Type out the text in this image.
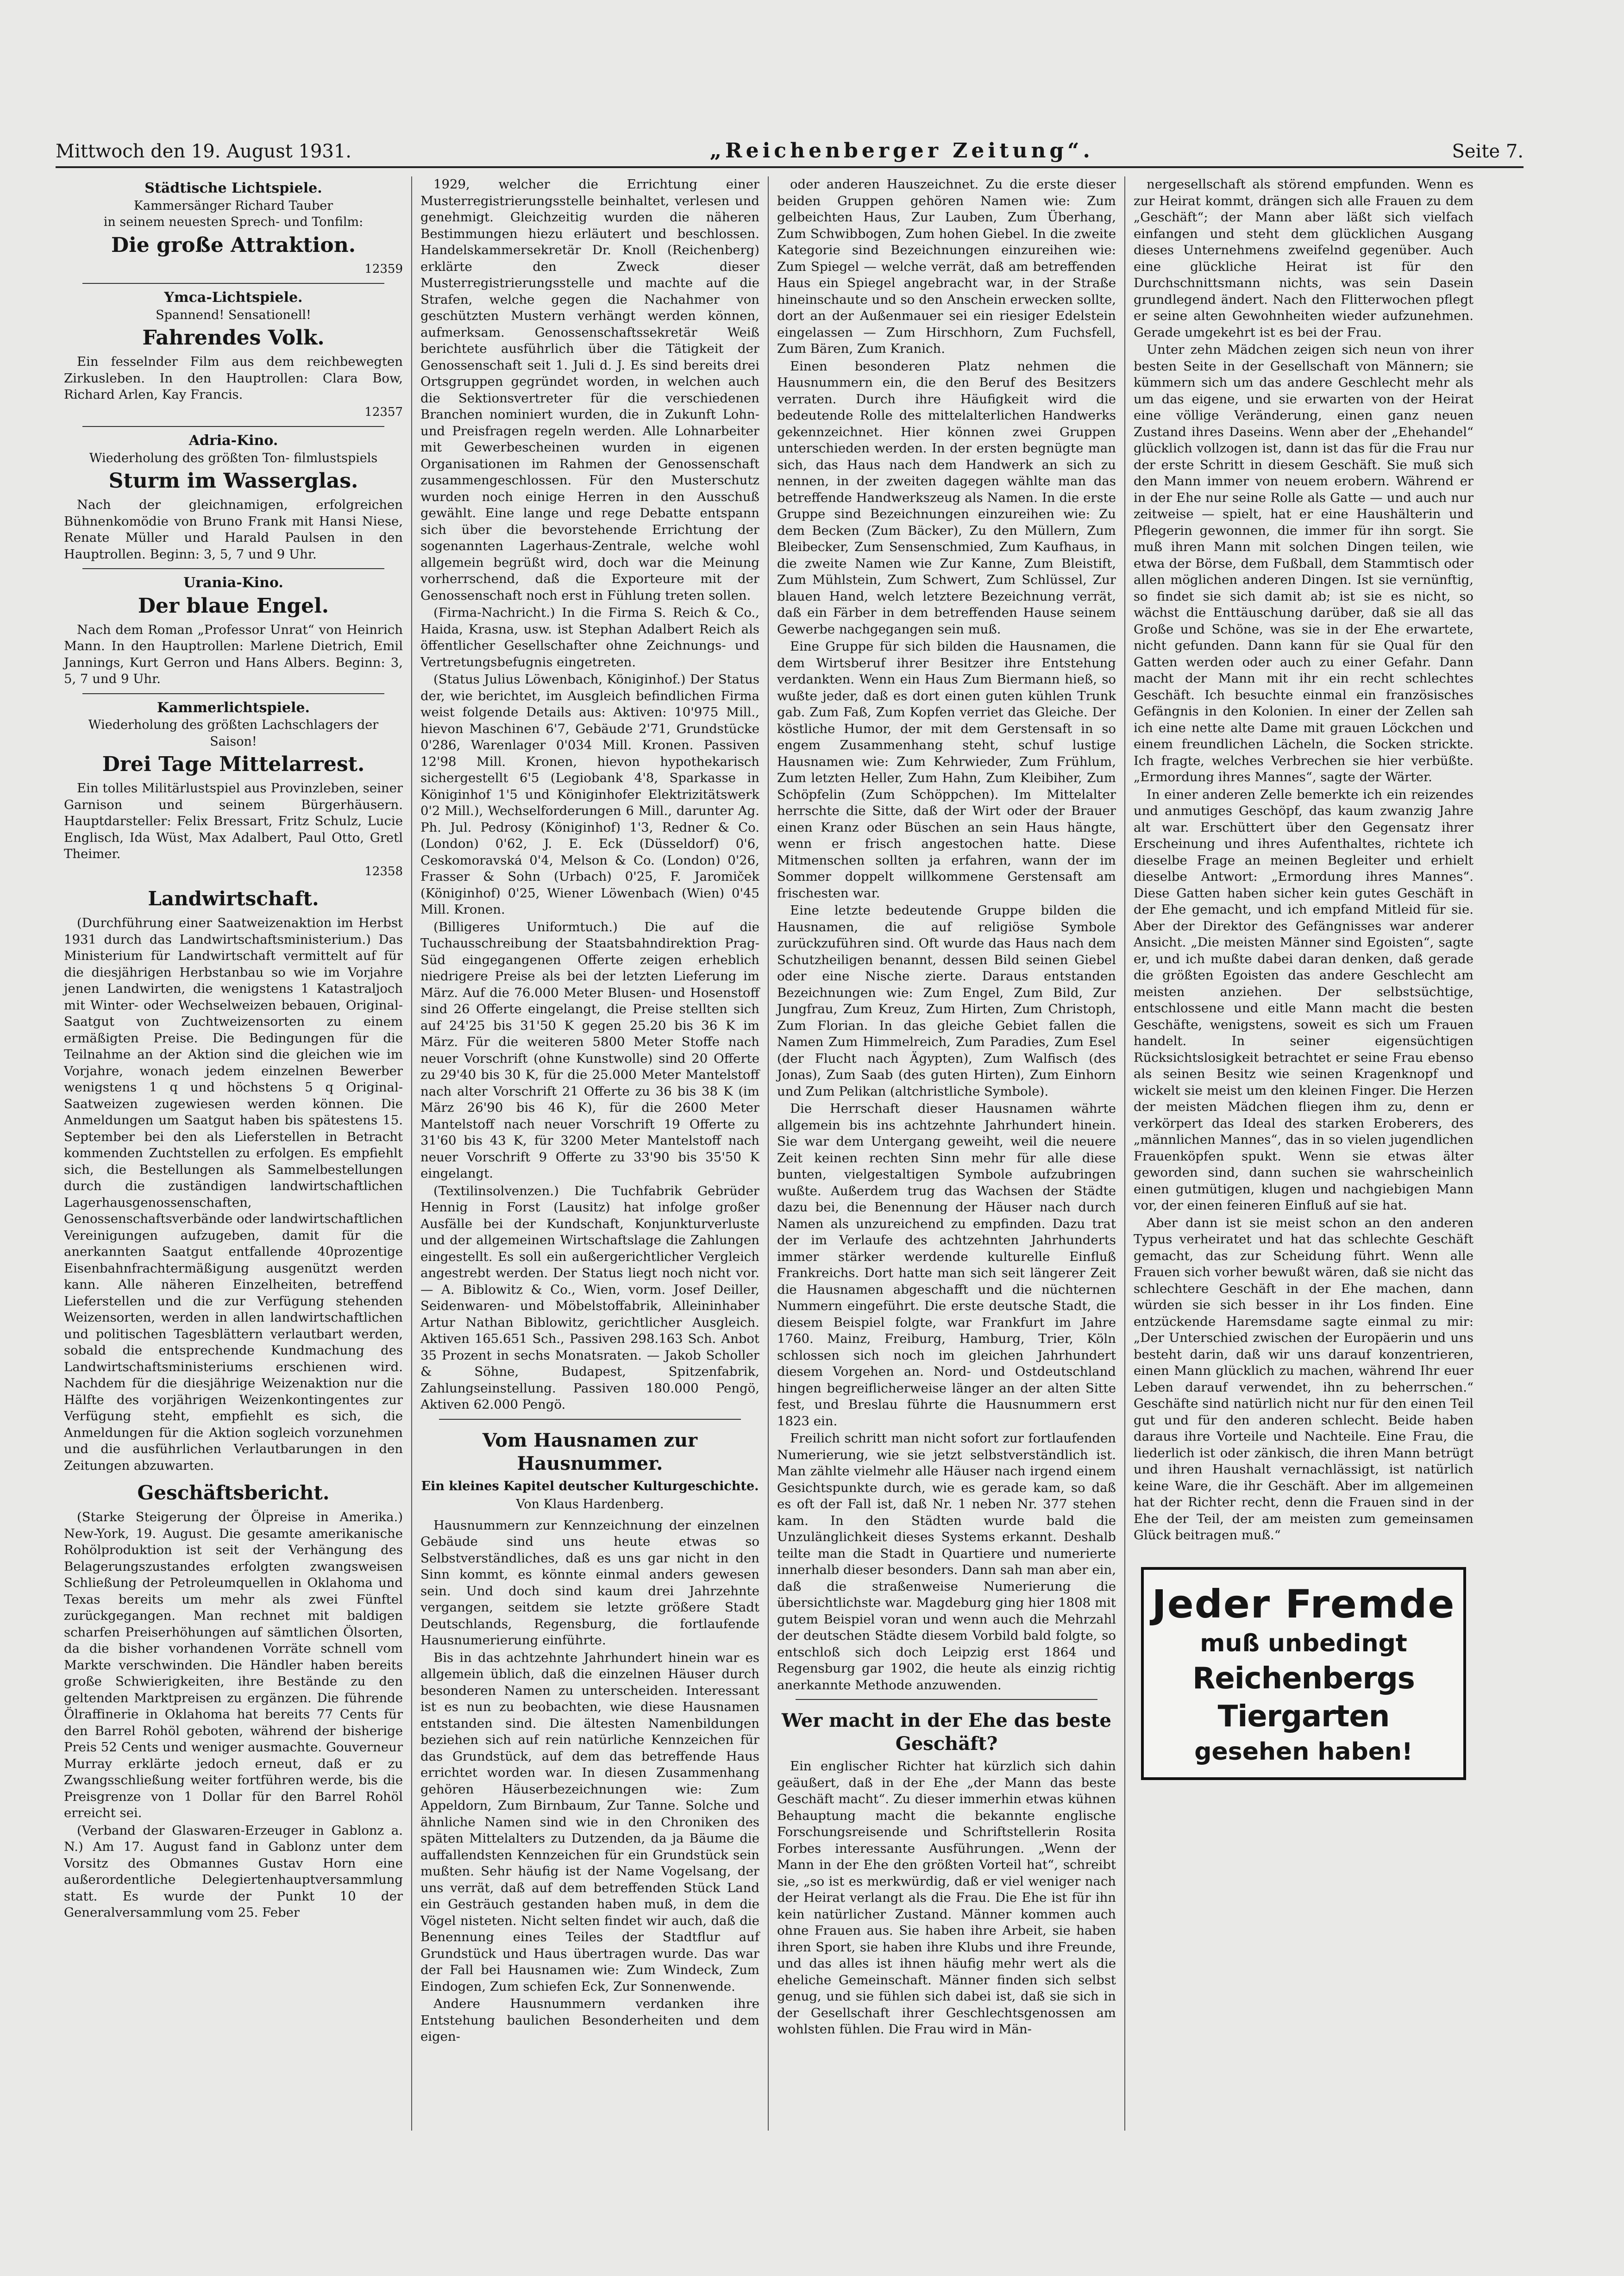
Mittwoch den 19. August 1931.	„Reichenberger Zeitung“.	Seite 7.
Städtische Lichtspiele.
Kammersänger Richard Tauber
in seinem neuesten Sprech- und Tonfilm:
Die große Attraktion.
12359
Ymca-Lichtspiele.
Spannend! Sensationell!
Fahrendes Volk.

Ein fesselnder Film aus dem reichbewegten Zirkusleben. In den Hauptrollen: Clara Bow, Richard Arlen, Kay Francis.

12357
Adria-Kino.
Wiederholung des größten Ton- filmlustspiels
Sturm im Wasserglas.

Nach der gleichnamigen, erfolgreichen Bühnenkomödie von Bruno Frank mit Hansi Niese, Renate Müller und Harald Paulsen in den Hauptrollen. Beginn: 3, 5, 7 und 9 Uhr.

Urania-Kino.
Der blaue Engel.

Nach dem Roman „Professor Unrat“ von Heinrich Mann. In den Hauptrollen: Marlene Dietrich, Emil Jannings, Kurt Gerron und Hans Albers. Beginn: 3, 5, 7 und 9 Uhr.

Kammerlichtspiele.
Wiederholung des größten Lachschlagers der Saison!
Drei Tage Mittelarrest.

Ein tolles Militärlustspiel aus Provinzleben, seiner Garnison und seinem Bürgerhäusern. Hauptdarsteller: Felix Bressart, Fritz Schulz, Lucie Englisch, Ida Wüst, Max Adalbert, Paul Otto, Gretl Theimer.

12358
Landwirtschaft.

(Durchführung einer Saatweizenaktion im Herbst 1931 durch das Landwirtschaftsministerium.) Das Ministerium für Landwirtschaft vermittelt auf für die diesjährigen Herbstanbau so wie im Vorjahre jenen Landwirten, die wenigstens 1 Katastraljoch mit Winter- oder Wechselweizen bebauen, Original-Saatgut von Zuchtweizensorten zu einem ermäßigten Preise. Die Bedingungen für die Teilnahme an der Aktion sind die gleichen wie im Vorjahre, wonach jedem einzelnen Bewerber wenigstens 1 q und höchstens 5 q Original-Saatweizen zugewiesen werden können. Die Anmeldungen um Saatgut haben bis spätestens 15. September bei den als Lieferstellen in Betracht kommenden Zuchtstellen zu erfolgen. Es empfiehlt sich, die Bestellungen als Sammelbestellungen durch die zuständigen landwirtschaftlichen Lagerhausgenossenschaften, Genossenschaftsverbände oder landwirtschaftlichen Vereinigungen aufzugeben, damit für die anerkannten Saatgut entfallende 40prozentige Eisenbahnfrachtermäßigung ausgenützt werden kann. Alle näheren Einzelheiten, betreffend Lieferstellen und die zur Verfügung stehenden Weizensorten, werden in allen landwirtschaftlichen und politischen Tagesblättern verlautbart werden, sobald die entsprechende Kundmachung des Landwirtschaftsministeriums erschienen wird. Nachdem für die diesjährige Weizenaktion nur die Hälfte des vorjährigen Weizenkontingentes zur Verfügung steht, empfiehlt es sich, die Anmeldungen für die Aktion sogleich vorzunehmen und die ausführlichen Verlautbarungen in den Zeitungen abzuwarten.

Geschäftsbericht.

(Starke Steigerung der Ölpreise in Amerika.) New-York, 19. August. Die gesamte amerikanische Rohölproduktion ist seit der Verhängung des Belagerungszustandes erfolgten zwangsweisen Schließung der Petroleumquellen in Oklahoma und Texas bereits um mehr als zwei Fünftel zurückgegangen. Man rechnet mit baldigen scharfen Preiserhöhungen auf sämtlichen Ölsorten, da die bisher vorhandenen Vorräte schnell vom Markte verschwinden. Die Händler haben bereits große Schwierigkeiten, ihre Bestände zu den geltenden Marktpreisen zu ergänzen. Die führende Ölraffinerie in Oklahoma hat bereits 77 Cents für den Barrel Rohöl geboten, während der bisherige Preis 52 Cents und weniger ausmachte. Gouverneur Murray erklärte jedoch erneut, daß er zu Zwangsschließung weiter fortführen werde, bis die Preisgrenze von 1 Dollar für den Barrel Rohöl erreicht sei.

(Verband der Glaswaren-Erzeuger in Gablonz a. N.) Am 17. August fand in Gablonz unter dem Vorsitz des Obmannes Gustav Horn eine außerordentliche Delegiertenhauptversammlung statt. Es wurde der Punkt 10 der Generalversammlung vom 25. Feber

1929, welcher die Errichtung einer Musterregistrierungsstelle beinhaltet, verlesen und genehmigt. Gleichzeitig wurden die näheren Bestimmungen hiezu erläutert und beschlossen. Handelskammersekretär Dr. Knoll (Reichenberg) erklärte den Zweck dieser Musterregistrierungsstelle und machte auf die Strafen, welche gegen die Nachahmer von geschützten Mustern verhängt werden können, aufmerksam. Genossenschaftssekretär Weiß berichtete ausführlich über die Tätigkeit der Genossenschaft seit 1. Juli d. J. Es sind bereits drei Ortsgruppen gegründet worden, in welchen auch die Sektionsvertreter für die verschiedenen Branchen nominiert wurden, die in Zukunft Lohn- und Preisfragen regeln werden. Alle Lohnarbeiter mit Gewerbescheinen wurden in eigenen Organisationen im Rahmen der Genossenschaft zusammengeschlossen. Für den Musterschutz wurden noch einige Herren in den Ausschuß gewählt. Eine lange und rege Debatte entspann sich über die bevorstehende Errichtung der sogenannten Lagerhaus-Zentrale, welche wohl allgemein begrüßt wird, doch war die Meinung vorherrschend, daß die Exporteure mit der Genossenschaft noch erst in Fühlung treten sollen.

(Firma-Nachricht.) In die Firma S. Reich & Co., Haida, Krasna, usw. ist Stephan Adalbert Reich als öffentlicher Gesellschafter ohne Zeichnungs- und Vertretungsbefugnis eingetreten.

(Status Julius Löwenbach, Königinhof.) Der Status der, wie berichtet, im Ausgleich befindlichen Firma weist folgende Details aus: Aktiven: 10'975 Mill., hievon Maschinen 6'7, Gebäude 2'71, Grundstücke 0'286, Warenlager 0'034 Mill. Kronen. Passiven 12'98 Mill. Kronen, hievon hypothekarisch sichergestellt 6'5 (Legiobank 4'8, Sparkasse in Königinhof 1'5 und Königinhofer Elektrizitätswerk 0'2 Mill.), Wechselforderungen 6 Mill., darunter Ag. Ph. Jul. Pedrosy (Königinhof) 1'3, Redner & Co. (London) 0'62, J. E. Eck (Düsseldorf) 0'6, Ceskomoravská 0'4, Melson & Co. (London) 0'26, Frasser & Sohn (Urbach) 0'25, F. Jaromiček (Königinhof) 0'25, Wiener Löwenbach (Wien) 0'45 Mill. Kronen.

(Billigeres Uniformtuch.) Die auf die Tuchausschreibung der Staatsbahndirektion Prag-Süd eingegangenen Offerte zeigen erheblich niedrigere Preise als bei der letzten Lieferung im März. Auf die 76.000 Meter Blusen- und Hosenstoff sind 26 Offerte eingelangt, die Preise stellten sich auf 24'25 bis 31'50 K gegen 25.20 bis 36 K im März. Für die weiteren 5800 Meter Stoffe nach neuer Vorschrift (ohne Kunstwolle) sind 20 Offerte zu 29'40 bis 30 K, für die 25.000 Meter Mantelstoff nach alter Vorschrift 21 Offerte zu 36 bis 38 K (im März 26'90 bis 46 K), für die 2600 Meter Mantelstoff nach neuer Vorschrift 19 Offerte zu 31'60 bis 43 K, für 3200 Meter Mantelstoff nach neuer Vorschrift 9 Offerte zu 33'90 bis 35'50 K eingelangt.

(Textilinsolvenzen.) Die Tuchfabrik Gebrüder Hennig in Forst (Lausitz) hat infolge großer Ausfälle bei der Kundschaft, Konjunkturverluste und der allgemeinen Wirtschaftslage die Zahlungen eingestellt. Es soll ein außergerichtlicher Vergleich angestrebt werden. Der Status liegt noch nicht vor. — A. Biblowitz & Co., Wien, vorm. Josef Deiller, Seidenwaren- und Möbelstoffabrik, Alleininhaber Artur Nathan Biblowitz, gerichtlicher Ausgleich. Aktiven 165.651 Sch., Passiven 298.163 Sch. Anbot 35 Prozent in sechs Monatsraten. — Jakob Scholler & Söhne, Budapest, Spitzenfabrik, Zahlungseinstellung. Passiven 180.000 Pengö, Aktiven 62.000 Pengö.

Vom Hausnamen zur Hausnummer.
Ein kleines Kapitel deutscher Kulturgeschichte.
Von Klaus Hardenberg.

Hausnummern zur Kennzeichnung der einzelnen Gebäude sind uns heute etwas so Selbstverständliches, daß es uns gar nicht in den Sinn kommt, es könnte einmal anders gewesen sein. Und doch sind kaum drei Jahrzehnte vergangen, seitdem sie letzte größere Stadt Deutschlands, Regensburg, die fortlaufende Hausnumerierung einführte.

Bis in das achtzehnte Jahrhundert hinein war es allgemein üblich, daß die einzelnen Häuser durch besonderen Namen zu unterscheiden. Interessant ist es nun zu beobachten, wie diese Hausnamen entstanden sind. Die ältesten Namenbildungen beziehen sich auf rein natürliche Kennzeichen für das Grundstück, auf dem das betreffende Haus errichtet worden war. In diesen Zusammenhang gehören Häuserbezeichnungen wie: Zum Appeldorn, Zum Birnbaum, Zur Tanne. Solche und ähnliche Namen sind wie in den Chroniken des späten Mittelalters zu Dutzenden, da ja Bäume die auffallendsten Kennzeichen für ein Grundstück sein mußten. Sehr häufig ist der Name Vogelsang, der uns verrät, daß auf dem betreffenden Stück Land ein Gesträuch gestanden haben muß, in dem die Vögel nisteten. Nicht selten findet wir auch, daß die Benennung eines Teiles der Stadtflur auf Grundstück und Haus übertragen wurde. Das war der Fall bei Hausnamen wie: Zum Windeck, Zum Eindogen, Zum schiefen Eck, Zur Sonnenwende.

Andere Hausnummern verdanken ihre Entstehung baulichen Besonderheiten und dem eigen-

oder anderen Hauszeichnet. Zu die erste dieser beiden Gruppen gehören Namen wie: Zum gelbeichten Haus, Zur Lauben, Zum Überhang, Zum Schwibbogen, Zum hohen Giebel. In die zweite Kategorie sind Bezeichnungen einzureihen wie: Zum Spiegel — welche verrät, daß am betreffenden Haus ein Spiegel angebracht war, in der Straße hineinschaute und so den Anschein erwecken sollte, dort an der Außenmauer sei ein riesiger Edelstein eingelassen — Zum Hirschhorn, Zum Fuchsfell, Zum Bären, Zum Kranich.

Einen besonderen Platz nehmen die Hausnummern ein, die den Beruf des Besitzers verraten. Durch ihre Häufigkeit wird die bedeutende Rolle des mittelalterlichen Handwerks gekennzeichnet. Hier können zwei Gruppen unterschieden werden. In der ersten begnügte man sich, das Haus nach dem Handwerk an sich zu nennen, in der zweiten dagegen wählte man das betreffende Handwerkszeug als Namen. In die erste Gruppe sind Bezeichnungen einzureihen wie: Zu dem Becken (Zum Bäcker), Zu den Müllern, Zum Bleibecker, Zum Sensenschmied, Zum Kaufhaus, in die zweite Namen wie Zur Kanne, Zum Bleistift, Zum Mühlstein, Zum Schwert, Zum Schlüssel, Zur blauen Hand, welch letztere Bezeichnung verrät, daß ein Färber in dem betreffenden Hause seinem Gewerbe nachgegangen sein muß.

Eine Gruppe für sich bilden die Hausnamen, die dem Wirtsberuf ihrer Besitzer ihre Entstehung verdankten. Wenn ein Haus Zum Biermann hieß, so wußte jeder, daß es dort einen guten kühlen Trunk gab. Zum Faß, Zum Kopfen verriet das Gleiche. Der köstliche Humor, der mit dem Gerstensaft in so engem Zusammenhang steht, schuf lustige Hausnamen wie: Zum Kehrwieder, Zum Frühlum, Zum letzten Heller, Zum Hahn, Zum Kleibiher, Zum Schöpfelin (Zum Schöppchen). Im Mittelalter herrschte die Sitte, daß der Wirt oder der Brauer einen Kranz oder Büschen an sein Haus hängte, wenn er frisch angestochen hatte. Diese Mitmenschen sollten ja erfahren, wann der im Sommer doppelt willkommene Gerstensaft am frischesten war.

Eine letzte bedeutende Gruppe bilden die Hausnamen, die auf religiöse Symbole zurückzuführen sind. Oft wurde das Haus nach dem Schutzheiligen benannt, dessen Bild seinen Giebel oder eine Nische zierte. Daraus entstanden Bezeichnungen wie: Zum Engel, Zum Bild, Zur Jungfrau, Zum Kreuz, Zum Hirten, Zum Christoph, Zum Florian. In das gleiche Gebiet fallen die Namen Zum Himmelreich, Zum Paradies, Zum Esel (der Flucht nach Ägypten), Zum Walfisch (des Jonas), Zum Saab (des guten Hirten), Zum Einhorn und Zum Pelikan (altchristliche Symbole).

Die Herrschaft dieser Hausnamen währte allgemein bis ins achtzehnte Jahrhundert hinein. Sie war dem Untergang geweiht, weil die neuere Zeit keinen rechten Sinn mehr für alle diese bunten, vielgestaltigen Symbole aufzubringen wußte. Außerdem trug das Wachsen der Städte dazu bei, die Benennung der Häuser nach durch Namen als unzureichend zu empfinden. Dazu trat der im Verlaufe des achtzehnten Jahrhunderts immer stärker werdende kulturelle Einfluß Frankreichs. Dort hatte man sich seit längerer Zeit die Hausnamen abgeschafft und die nüchternen Nummern eingeführt. Die erste deutsche Stadt, die diesem Beispiel folgte, war Frankfurt im Jahre 1760. Mainz, Freiburg, Hamburg, Trier, Köln schlossen sich noch im gleichen Jahrhundert diesem Vorgehen an. Nord- und Ostdeutschland hingen begreiflicherweise länger an der alten Sitte fest, und Breslau führte die Hausnummern erst 1823 ein.

Freilich schritt man nicht sofort zur fortlaufenden Numerierung, wie sie jetzt selbstverständlich ist. Man zählte vielmehr alle Häuser nach irgend einem Gesichtspunkte durch, wie es gerade kam, so daß es oft der Fall ist, daß Nr. 1 neben Nr. 377 stehen kam. In den Städten wurde bald die Unzulänglichkeit dieses Systems erkannt. Deshalb teilte man die Stadt in Quartiere und numerierte innerhalb dieser besonders. Dann sah man aber ein, daß die straßenweise Numerierung die übersichtlichste war. Magdeburg ging hier 1808 mit gutem Beispiel voran und wenn auch die Mehrzahl der deutschen Städte diesem Vorbild bald folgte, so entschloß sich doch Leipzig erst 1864 und Regensburg gar 1902, die heute als einzig richtig anerkannte Methode anzuwenden.

Wer macht in der Ehe das beste Geschäft?

Ein englischer Richter hat kürzlich sich dahin geäußert, daß in der Ehe „der Mann das beste Geschäft macht“. Zu dieser immerhin etwas kühnen Behauptung macht die bekannte englische Forschungsreisende und Schriftstellerin Rosita Forbes interessante Ausführungen. „Wenn der Mann in der Ehe den größten Vorteil hat“, schreibt sie, „so ist es merkwürdig, daß er viel weniger nach der Heirat verlangt als die Frau. Die Ehe ist für ihn kein natürlicher Zustand. Männer kommen auch ohne Frauen aus. Sie haben ihre Arbeit, sie haben ihren Sport, sie haben ihre Klubs und ihre Freunde, und das alles ist ihnen häufig mehr wert als die eheliche Gemeinschaft. Männer finden sich selbst genug, und sie fühlen sich dabei ist, daß sie sich in der Gesellschaft ihrer Geschlechtsgenossen am wohlsten fühlen. Die Frau wird in Män-

nergesellschaft als störend empfunden. Wenn es zur Heirat kommt, drängen sich alle Frauen zu dem „Geschäft“; der Mann aber läßt sich vielfach einfangen und steht dem glücklichen Ausgang dieses Unternehmens zweifelnd gegenüber. Auch eine glückliche Heirat ist für den Durchschnittsmann nichts, was sein Dasein grundlegend ändert. Nach den Flitterwochen pflegt er seine alten Gewohnheiten wieder aufzunehmen. Gerade umgekehrt ist es bei der Frau.

Unter zehn Mädchen zeigen sich neun von ihrer besten Seite in der Gesellschaft von Männern; sie kümmern sich um das andere Geschlecht mehr als um das eigene, und sie erwarten von der Heirat eine völlige Veränderung, einen ganz neuen Zustand ihres Daseins. Wenn aber der „Ehehandel“ glücklich vollzogen ist, dann ist das für die Frau nur der erste Schritt in diesem Geschäft. Sie muß sich den Mann immer von neuem erobern. Während er in der Ehe nur seine Rolle als Gatte — und auch nur zeitweise — spielt, hat er eine Haushälterin und Pflegerin gewonnen, die immer für ihn sorgt. Sie muß ihren Mann mit solchen Dingen teilen, wie etwa der Börse, dem Fußball, dem Stammtisch oder allen möglichen anderen Dingen. Ist sie vernünftig, so findet sie sich damit ab; ist sie es nicht, so wächst die Enttäuschung darüber, daß sie all das Große und Schöne, was sie in der Ehe erwartete, nicht gefunden. Dann kann für sie Qual für den Gatten werden oder auch zu einer Gefahr. Dann macht der Mann mit ihr ein recht schlechtes Geschäft. Ich besuchte einmal ein französisches Gefängnis in den Kolonien. In einer der Zellen sah ich eine nette alte Dame mit grauen Löckchen und einem freundlichen Lächeln, die Socken strickte. Ich fragte, welches Verbrechen sie hier verbüßte. „Ermordung ihres Mannes“, sagte der Wärter.

In einer anderen Zelle bemerkte ich ein reizendes und anmutiges Geschöpf, das kaum zwanzig Jahre alt war. Erschüttert über den Gegensatz ihrer Erscheinung und ihres Aufenthaltes, richtete ich dieselbe Frage an meinen Begleiter und erhielt dieselbe Antwort: „Ermordung ihres Mannes“. Diese Gatten haben sicher kein gutes Geschäft in der Ehe gemacht, und ich empfand Mitleid für sie. Aber der Direktor des Gefängnisses war anderer Ansicht. „Die meisten Männer sind Egoisten“, sagte er, und ich mußte dabei daran denken, daß gerade die größten Egoisten das andere Geschlecht am meisten anziehen. Der selbstsüchtige, entschlossene und eitle Mann macht die besten Geschäfte, wenigstens, soweit es sich um Frauen handelt. In seiner eigensüchtigen Rücksichtslosigkeit betrachtet er seine Frau ebenso als seinen Besitz wie seinen Kragenknopf und wickelt sie meist um den kleinen Finger. Die Herzen der meisten Mädchen fliegen ihm zu, denn er verkörpert das Ideal des starken Eroberers, des „männlichen Mannes“, das in so vielen jugendlichen Frauenköpfen spukt. Wenn sie etwas älter geworden sind, dann suchen sie wahrscheinlich einen gutmütigen, klugen und nachgiebigen Mann vor, der einen feineren Einfluß auf sie hat.

Aber dann ist sie meist schon an den anderen Typus verheiratet und hat das schlechte Geschäft gemacht, das zur Scheidung führt. Wenn alle Frauen sich vorher bewußt wären, daß sie nicht das schlechtere Geschäft in der Ehe machen, dann würden sie sich besser in ihr Los finden. Eine entzückende Haremsdame sagte einmal zu mir: „Der Unterschied zwischen der Europäerin und uns besteht darin, daß wir uns darauf konzentrieren, einen Mann glücklich zu machen, während Ihr euer Leben darauf verwendet, ihn zu beherrschen.“ Geschäfte sind natürlich nicht nur für den einen Teil gut und für den anderen schlecht. Beide haben daraus ihre Vorteile und Nachteile. Eine Frau, die liederlich ist oder zänkisch, die ihren Mann betrügt und ihren Haushalt vernachlässigt, ist natürlich keine Ware, die ihr Geschäft. Aber im allgemeinen hat der Richter recht, denn die Frauen sind in der Ehe der Teil, der am meisten zum gemeinsamen Glück beitragen muß.“

Jeder Fremde
muß unbedingt
Reichenbergs Tiergarten
gesehen haben!
